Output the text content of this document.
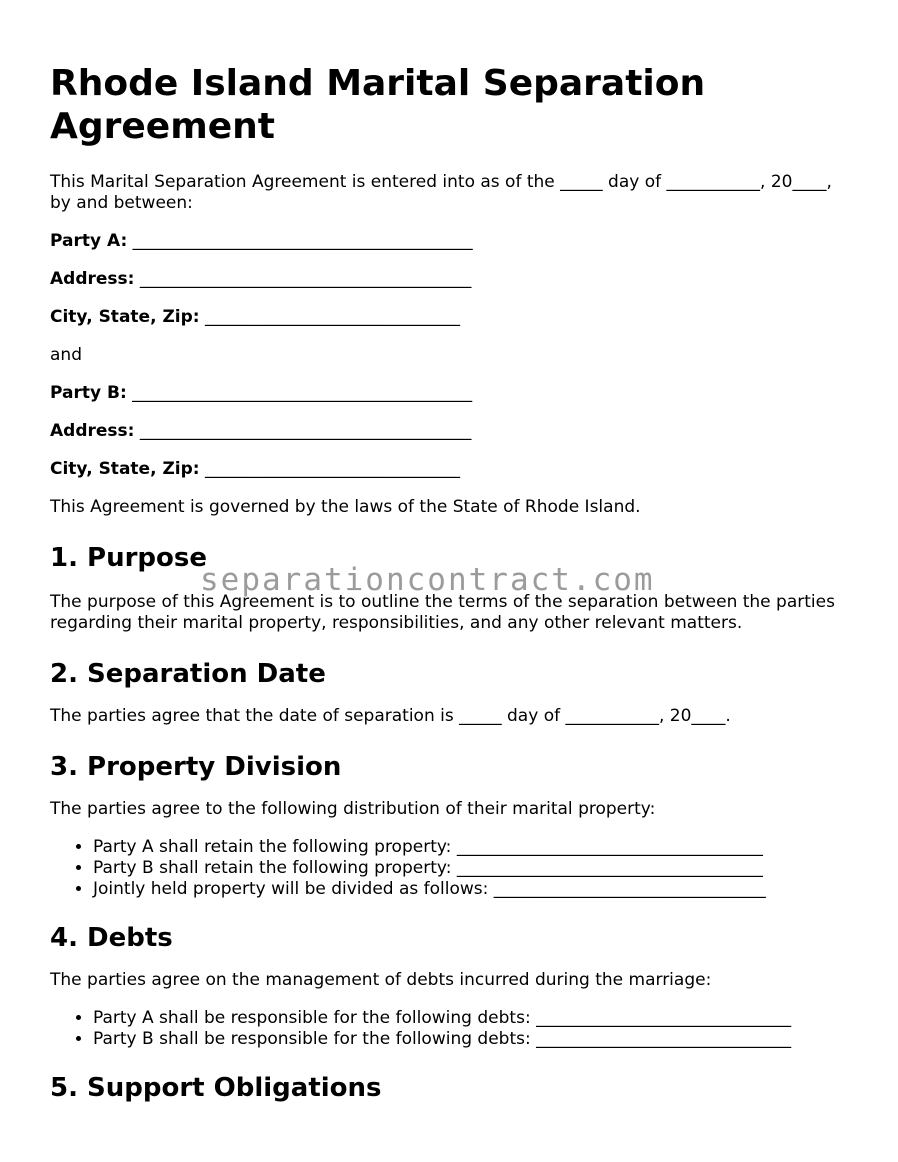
Rhode Island Marital Separation Agreement

This Marital Separation Agreement is entered into as of the _____ day of ___________, 20____, by and between:

Party A: ________________________________________

Address: _______________________________________

City, State, Zip: ______________________________

and

Party B: ________________________________________

Address: _______________________________________

City, State, Zip: ______________________________

This Agreement is governed by the laws of the State of Rhode Island.

1. Purpose

The purpose of this Agreement is to outline the terms of the separation between the parties regarding their marital property, responsibilities, and any other relevant matters.

2. Separation Date

The parties agree that the date of separation is _____ day of ___________, 20____.

3. Property Division

The parties agree to the following distribution of their marital property:

• Party A shall retain the following property: ____________________________________
• Party B shall retain the following property: ____________________________________
• Jointly held property will be divided as follows: ________________________________
4. Debts

The parties agree on the management of debts incurred during the marriage:

• Party A shall be responsible for the following debts: ______________________________
• Party B shall be responsible for the following debts: ______________________________
5. Support Obligations
separationcontract.com
